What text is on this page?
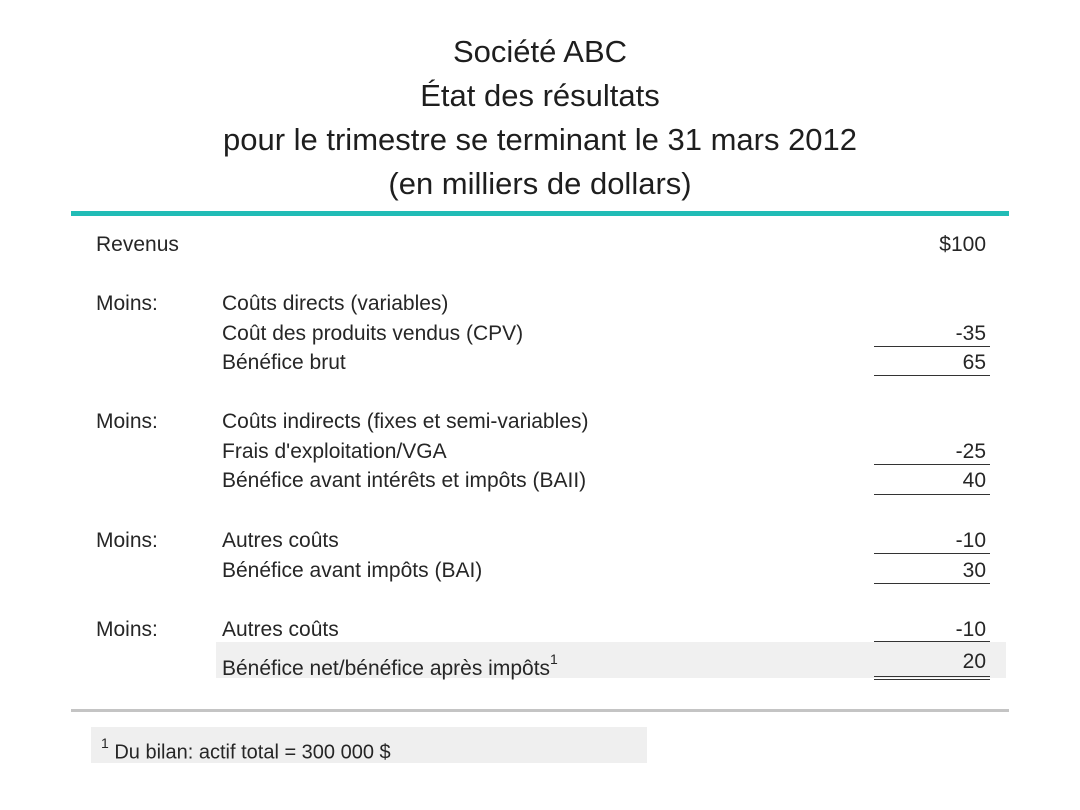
Société ABC
État des résultats
pour le trimestre se terminant le 31 mars 2012
(en milliers de dollars)
Revenus	$100
Moins:	Coûts directs (variables)
Coût des produits vendus (CPV)	-35
Bénéfice brut	65
Moins:	Coûts indirects (fixes et semi-variables)
Frais d'exploitation/VGA	-25
Bénéfice avant intérêts et impôts (BAII)	40
Moins:	Autres coûts	-10
Bénéfice avant impôts (BAI)	30
Moins:	Autres coûts	-10
Bénéfice net/bénéfice après impôts$^1$	20
$^1$ Du bilan: actif total = 300 000 $
